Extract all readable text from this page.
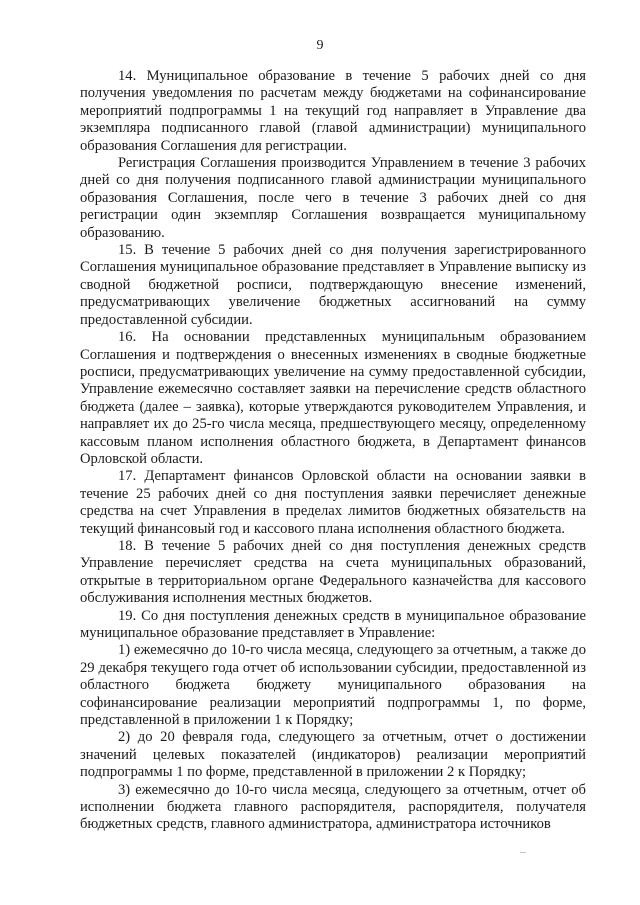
9

14. Муниципальное образование в течение 5 рабочих дней со дня получения уведомления по расчетам между бюджетами на софинансирование мероприятий подпрограммы 1 на текущий год направляет в Управление два экземпляра подписанного главой (главой администрации) муниципального образования Соглашения для регистрации.

Регистрация Соглашения производится Управлением в течение 3 рабочих дней со дня получения подписанного главой администрации муниципального образования Соглашения, после чего в течение 3 рабочих дней со дня регистрации один экземпляр Соглашения возвращается муниципальному образованию.

15. В течение 5 рабочих дней со дня получения зарегистрированного Соглашения муниципальное образование представляет в Управление выписку из сводной бюджетной росписи, подтверждающую внесение изменений, предусматривающих увеличение бюджетных ассигнований на сумму предоставленной субсидии.

16. На основании представленных муниципальным образованием Соглашения и подтверждения о внесенных изменениях в сводные бюджетные росписи, предусматривающих увеличение на сумму предоставленной субсидии, Управление ежемесячно составляет заявки на перечисление средств областного бюджета (далее – заявка), которые утверждаются руководителем Управления, и направляет их до 25-го числа месяца, предшествующего месяцу, определенному кассовым планом исполнения областного бюджета, в Департамент финансов Орловской области.

17. Департамент финансов Орловской области на основании заявки в течение 25 рабочих дней со дня поступления заявки перечисляет денежные средства на счет Управления в пределах лимитов бюджетных обязательств на текущий финансовый год и кассового плана исполнения областного бюджета.

18. В течение 5 рабочих дней со дня поступления денежных средств Управление перечисляет средства на счета муниципальных образований, открытые в территориальном органе Федерального казначейства для кассового обслуживания исполнения местных бюджетов.

19. Со дня поступления денежных средств в муниципальное образование муниципальное образование представляет в Управление:

1) ежемесячно до 10-го числа месяца, следующего за отчетным, а также до 29 декабря текущего года отчет об использовании субсидии, предоставленной из областного бюджета бюджету муниципального образования на софинансирование реализации мероприятий подпрограммы 1, по форме, представленной в приложении 1 к Порядку;

2) до 20 февраля года, следующего за отчетным, отчет о достижении значений целевых показателей (индикаторов) реализации мероприятий подпрограммы 1 по форме, представленной в приложении 2 к Порядку;

3) ежемесячно до 10-го числа месяца, следующего за отчетным, отчет об исполнении бюджета главного распорядителя, распорядителя, получателя бюджетных средств, главного администратора, администратора источников
